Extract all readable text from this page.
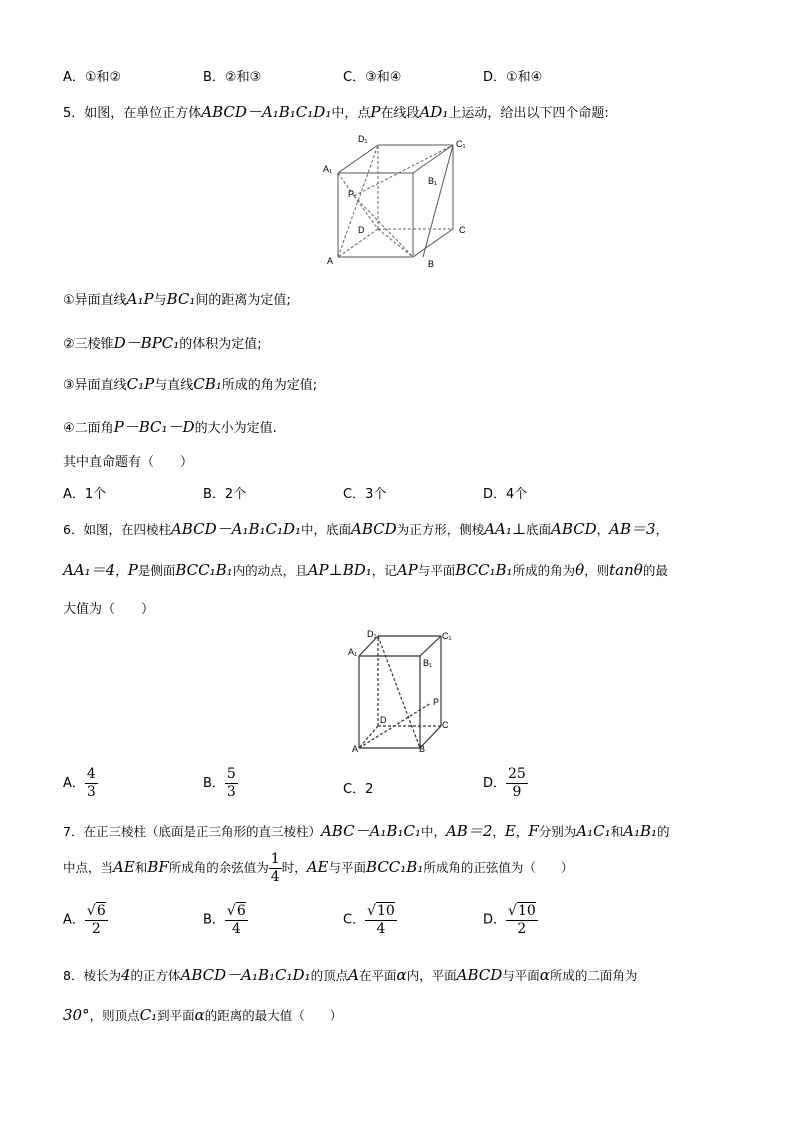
A．①和②	B．②和③	C．③和④	D．①和④
5．如图，在单位正方体ABCD－A₁B₁C₁D₁中，点P在线段AD₁上运动，给出以下四个命题:
D₁	C₁
A₁
B₁
P
D	C
A	B
①异面直线A₁P与BC₁间的距离为定值;
②三棱锥D－BPC₁的体积为定值;
③异面直线C₁P与直线CB₁所成的角为定值;
④二面角P－BC₁－D的大小为定值.
其中直命题有（　　）
A．1个	B．2个	C．3个	D．4个
6．如图，在四棱柱ABCD－A₁B₁C₁D₁中，底面ABCD为正方形，侧棱AA₁⊥底面ABCD，AB＝3，
AA₁＝4，P是侧面BCC₁B₁内的动点，且AP⊥BD₁，记AP与平面BCC₁B₁所成的角为θ，则tanθ的最
大值为（　　）
D₁	C₁
A₁
B₁
P
D	C
A	B
A． $\frac{4}{3}$	B． $\frac{5}{3}$	C．2	D． $\frac{25}{9}$
7．在正三棱柱（底面是正三角形的直三棱柱）ABC－A₁B₁C₁中，AB＝2，E，F分别为A₁C₁和A₁B₁的
中点，当AE和BF所成角的余弦值为 $\frac{1}{4}$ 时，AE与平面BCC₁B₁所成角的正弦值为（　　）
A． $\frac{√6}{2}$	B． $\frac{√6}{4}$	C． $\frac{√10}{4}$	D． $\frac{√10}{2}$
8．棱长为4的正方体ABCD－A₁B₁C₁D₁的顶点A在平面α内，平面ABCD与平面α所成的二面角为
30°，则顶点C₁到平面α的距离的最大值（　　）
